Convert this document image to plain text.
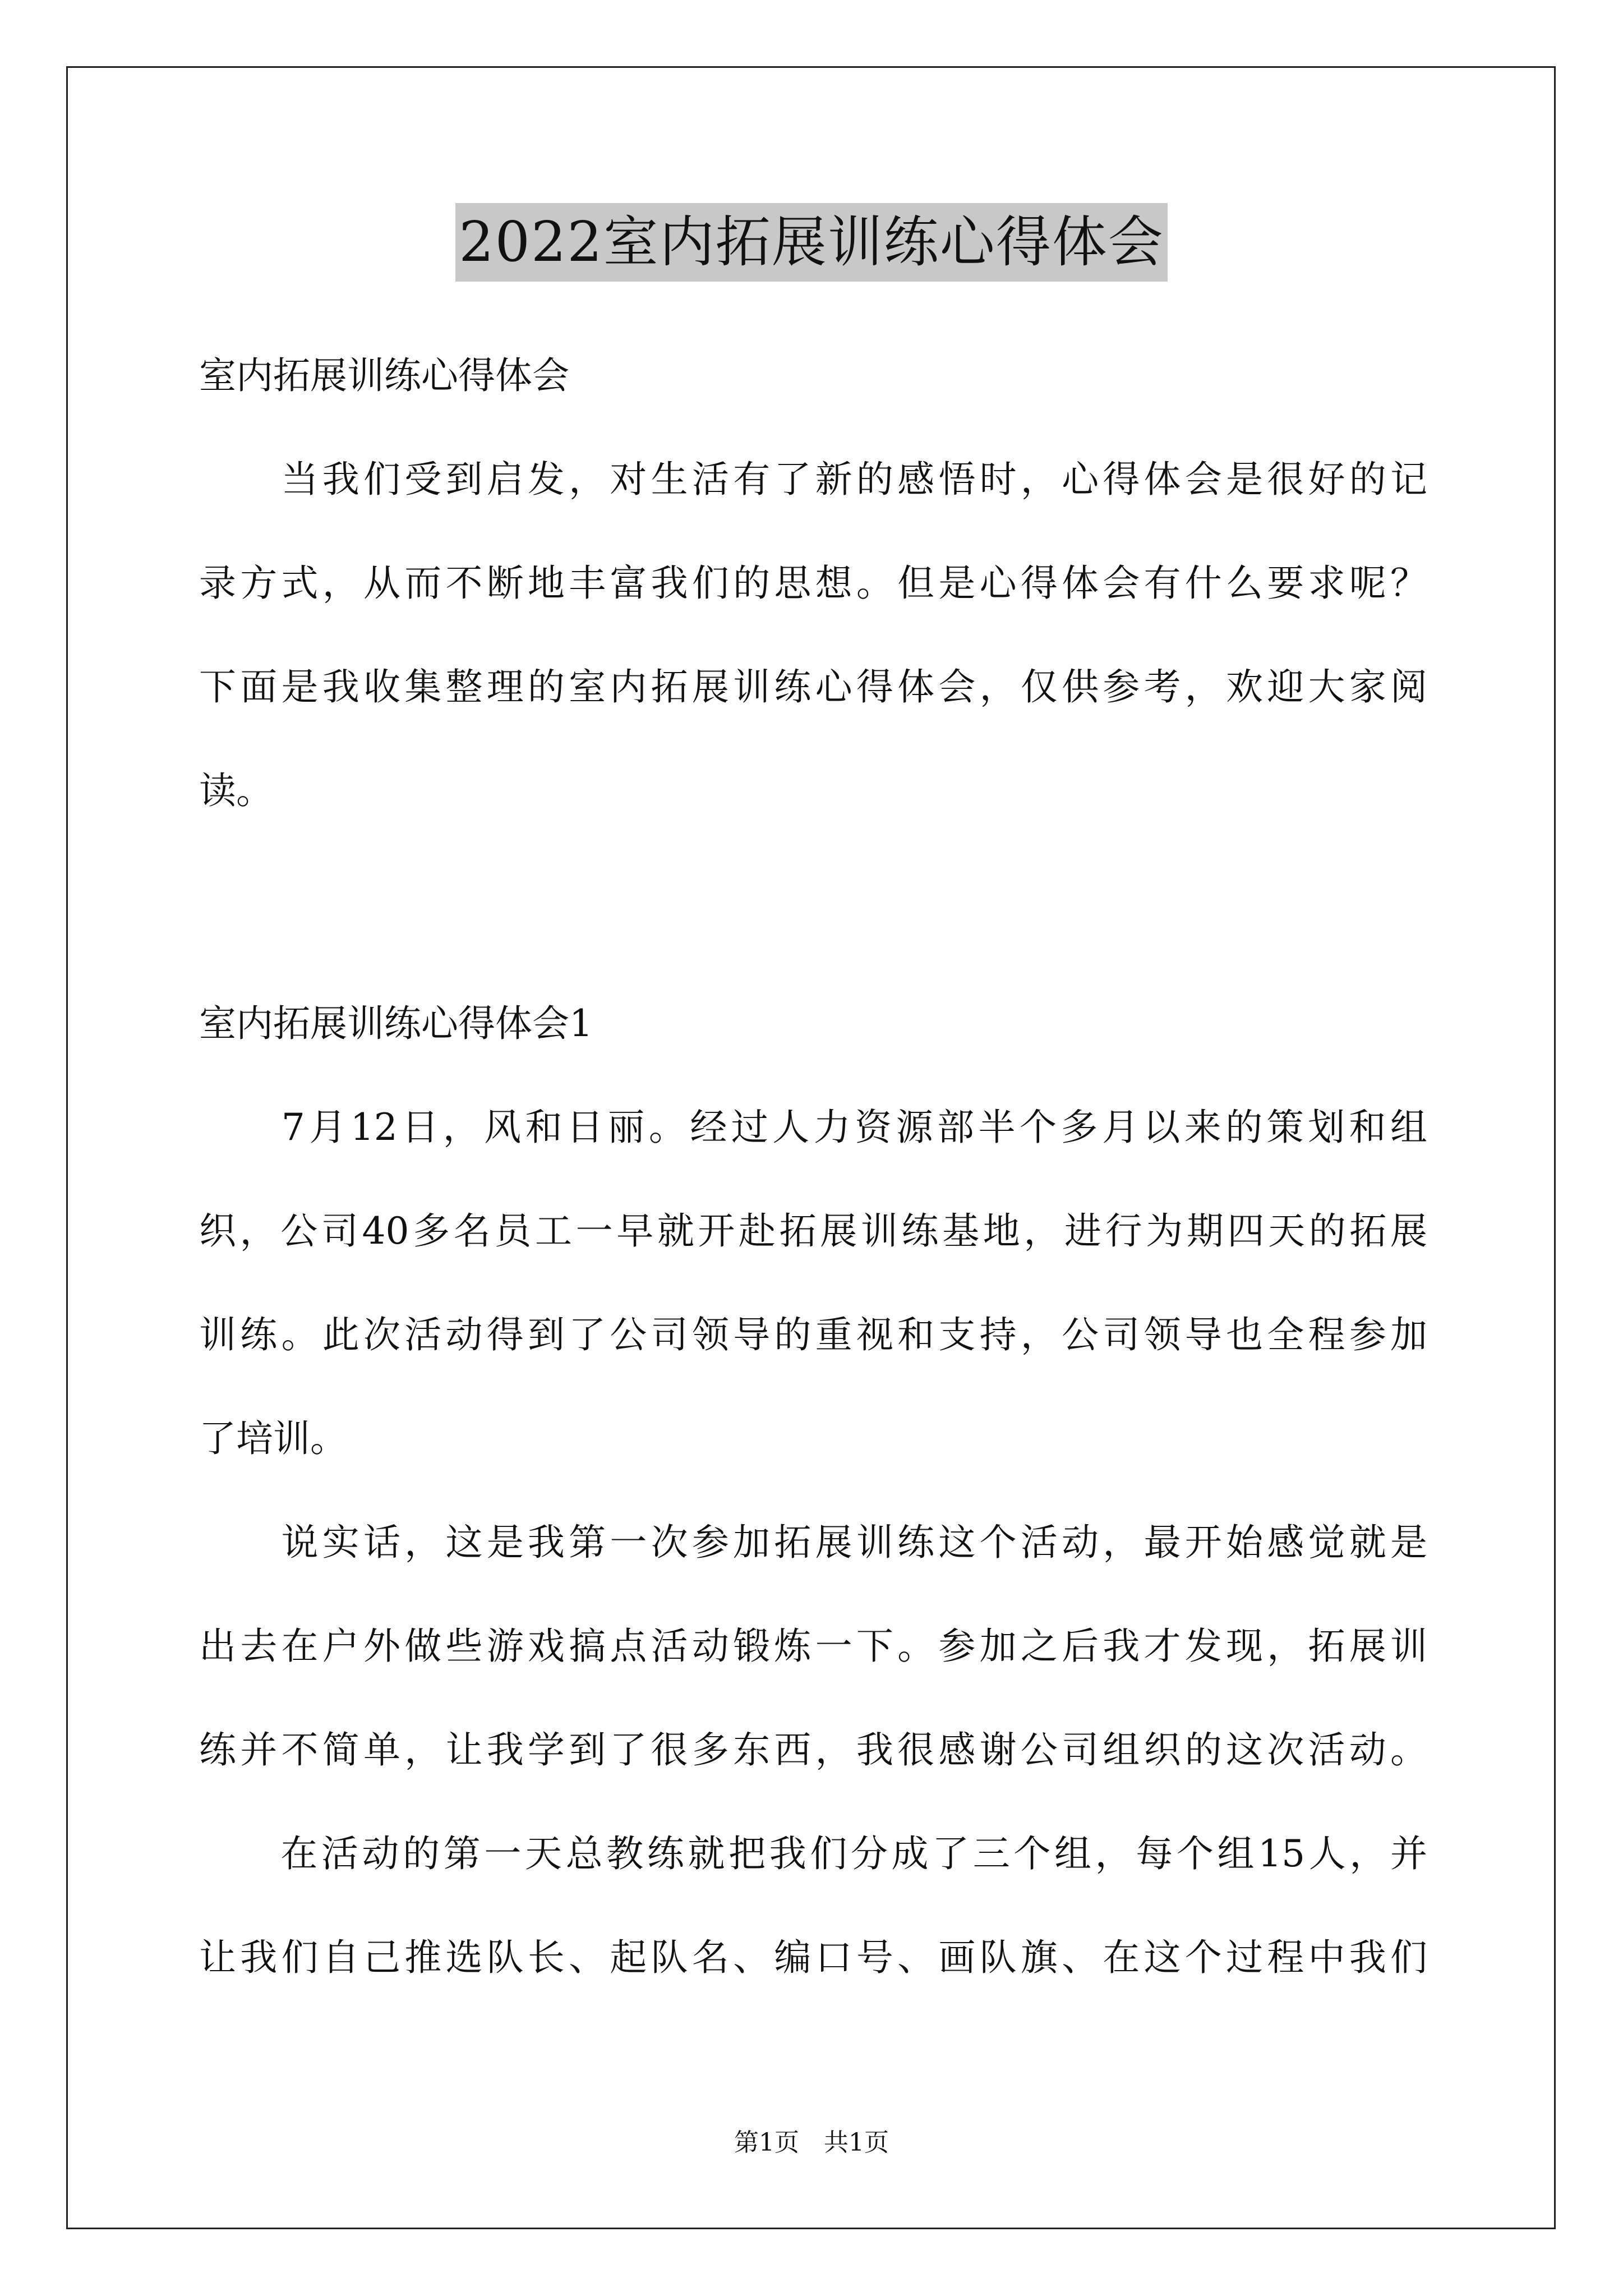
2022室内拓展训练心得体会
室内拓展训练心得体会
　　当我们受到启发，对生活有了新的感悟时，心得体会是很好的记
录方式，从而不断地丰富我们的思想。但是心得体会有什么要求呢？
下面是我收集整理的室内拓展训练心得体会，仅供参考，欢迎大家阅
读。
室内拓展训练心得体会1
　　7月12日，风和日丽。经过人力资源部半个多月以来的策划和组
织，公司40多名员工一早就开赴拓展训练基地，进行为期四天的拓展
训练。此次活动得到了公司领导的重视和支持，公司领导也全程参加
了培训。
　　说实话，这是我第一次参加拓展训练这个活动，最开始感觉就是
出去在户外做些游戏搞点活动锻炼一下。参加之后我才发现，拓展训
练并不简单，让我学到了很多东西，我很感谢公司组织的这次活动。
　　在活动的第一天总教练就把我们分成了三个组，每个组15人，并
让我们自己推选队长、起队名、编口号、画队旗、在这个过程中我们
第1页　共1页
